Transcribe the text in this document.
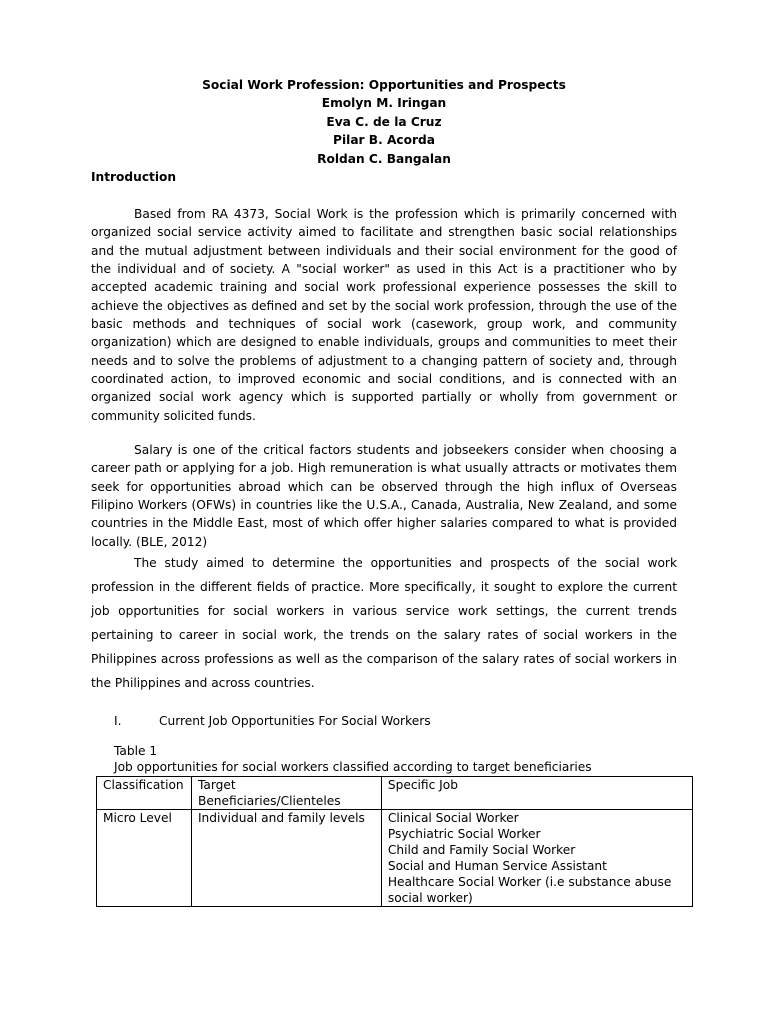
Social Work Profession: Opportunities and Prospects
Emolyn M. Iringan
Eva C. de la Cruz
Pilar B. Acorda
Roldan C. Bangalan
Introduction

Based from RA 4373, Social Work is the profession which is primarily concerned with organized social service activity aimed to facilitate and strengthen basic social relationships and the mutual adjustment between individuals and their social environment for the good of the individual and of society. A "social worker" as used in this Act is a practitioner who by accepted academic training and social work professional experience possesses the skill to achieve the objectives as defined and set by the social work profession, through the use of the basic methods and techniques of social work (casework, group work, and community organization) which are designed to enable individuals, groups and communities to meet their needs and to solve the problems of adjustment to a changing pattern of society and, through coordinated action, to improved economic and social conditions, and is connected with an organized social work agency which is supported partially or wholly from government or community solicited funds.

Salary is one of the critical factors students and jobseekers consider when choosing a career path or applying for a job. High remuneration is what usually attracts or motivates them seek for opportunities abroad which can be observed through the high influx of Overseas Filipino Workers (OFWs) in countries like the U.S.A., Canada, Australia, New Zealand, and some countries in the Middle East, most of which offer higher salaries compared to what is provided locally. (BLE, 2012)

The study aimed to determine the opportunities and prospects of the social work profession in the different fields of practice. More specifically, it sought to explore the current job opportunities for social workers in various service work settings, the current trends pertaining to career in social work, the trends on the salary rates of social workers in the Philippines across professions as well as the comparison of the salary rates of social workers in the Philippines and across countries.

I.	Current Job Opportunities For Social Workers
Table 1
Job opportunities for social workers classified according to target beneficiaries
Classification	Target Beneficiaries/Clienteles	Specific Job
Micro Level	Individual and family levels	Clinical Social Worker
Psychiatric Social Worker
Child and Family Social Worker
Social and Human Service Assistant
Healthcare Social Worker (i.e substance abuse social worker)
